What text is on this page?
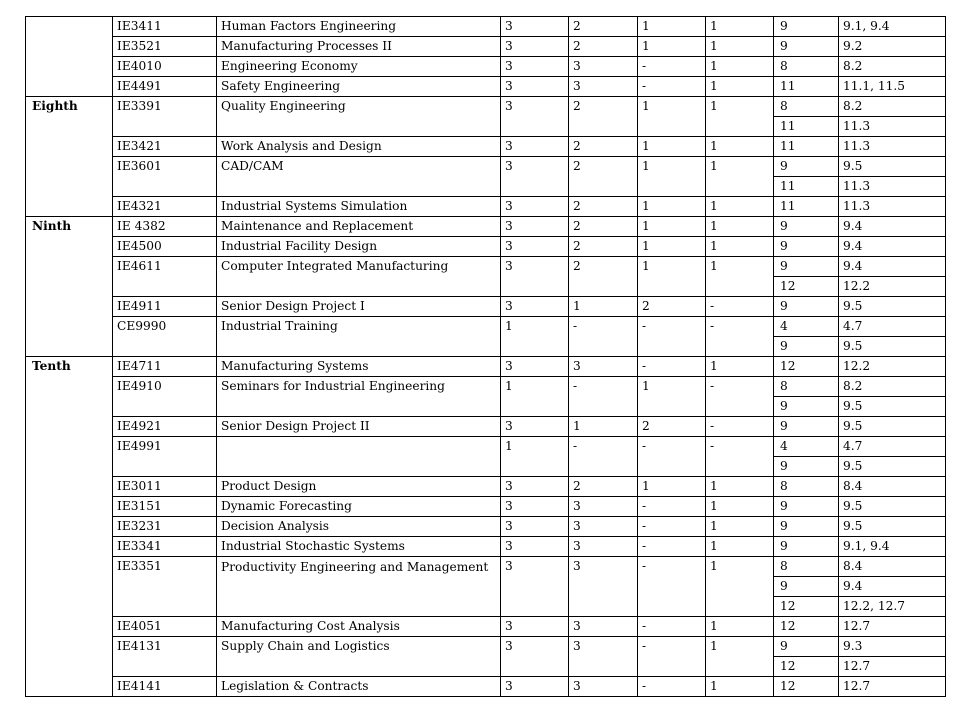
	IE3411	Human Factors Engineering	3	2	1	1	9	9.1, 9.4
	IE3521	Manufacturing Processes II	3	2	1	1	9	9.2
	IE4010	Engineering Economy	3	3	-	1	8	8.2
	IE4491	Safety Engineering	3	3	-	1	11	11.1, 11.5
Eighth	IE3391	Quality Engineering	3	2	1	1	8	8.2
							11	11.3
	IE3421	Work Analysis and Design	3	2	1	1	11	11.3
	IE3601	CAD/CAM	3	2	1	1	9	9.5
							11	11.3
	IE4321	Industrial Systems Simulation	3	2	1	1	11	11.3
Ninth	IE 4382	Maintenance and Replacement	3	2	1	1	9	9.4
	IE4500	Industrial Facility Design	3	2	1	1	9	9.4
	IE4611	Computer Integrated Manufacturing	3	2	1	1	9	9.4
							12	12.2
	IE4911	Senior Design Project I	3	1	2	-	9	9.5
	CE9990	Industrial Training	1	-	-	-	4	4.7
							9	9.5
Tenth	IE4711	Manufacturing Systems	3	3	-	1	12	12.2
	IE4910	Seminars for Industrial Engineering	1	-	1	-	8	8.2
							9	9.5
	IE4921	Senior Design Project II	3	1	2	-	9	9.5
	IE4991		1	-	-	-	4	4.7
							9	9.5
	IE3011	Product Design	3	2	1	1	8	8.4
	IE3151	Dynamic Forecasting	3	3	-	1	9	9.5
	IE3231	Decision Analysis	3	3	-	1	9	9.5
	IE3341	Industrial Stochastic Systems	3	3	-	1	9	9.1, 9.4
	IE3351	Productivity Engineering and Management	3	3	-	1	8	8.4
							9	9.4
							12	12.2, 12.7
	IE4051	Manufacturing Cost Analysis	3	3	-	1	12	12.7
	IE4131	Supply Chain and Logistics	3	3	-	1	9	9.3
							12	12.7
	IE4141	Legislation & Contracts	3	3	-	1	12	12.7
